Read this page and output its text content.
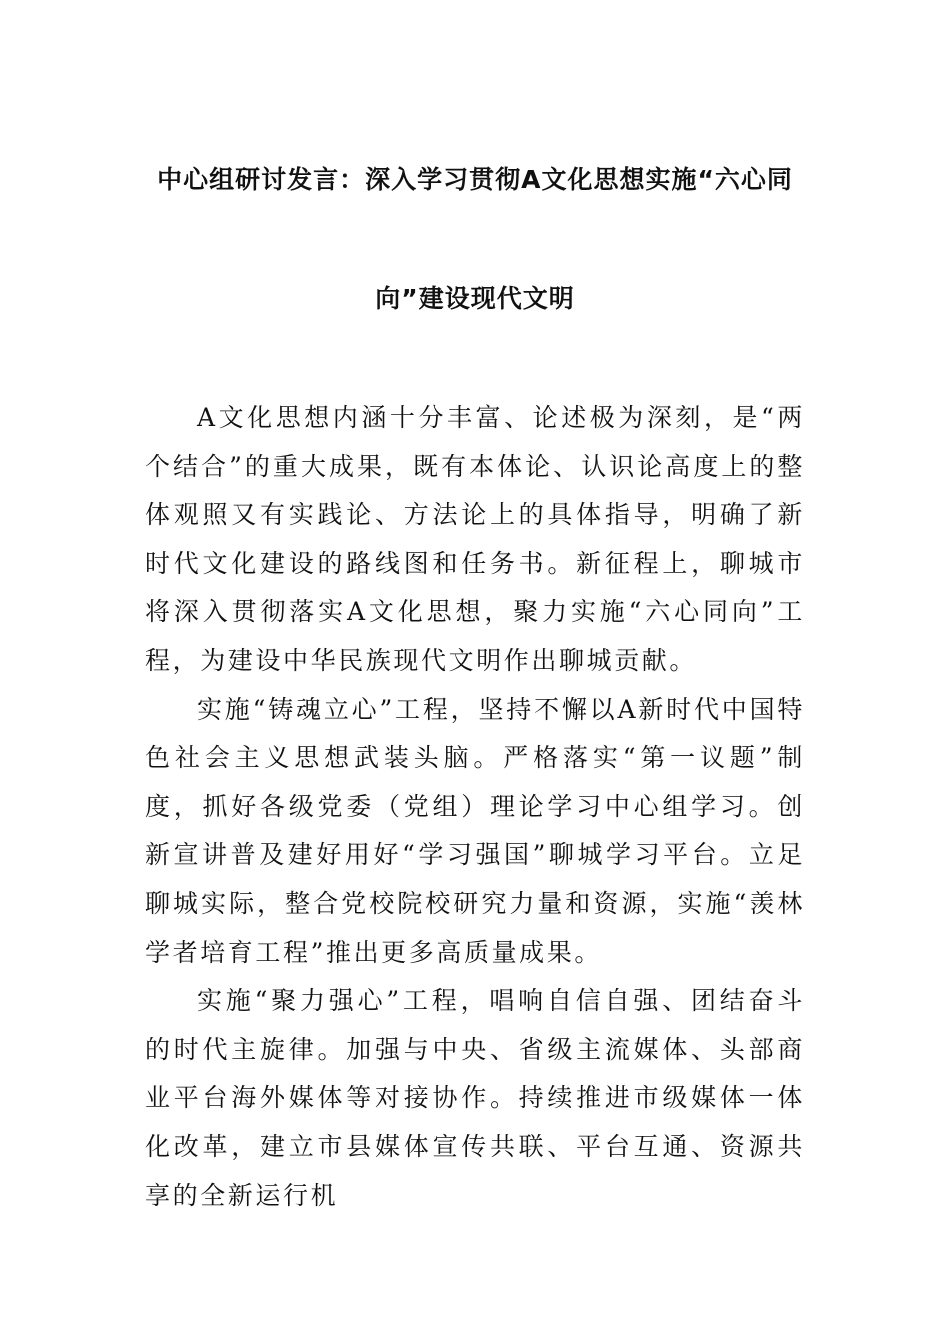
中心组研讨发言：深入学习贯彻A文化思想实施“六心同
向”建设现代文明

A文化思想内涵十分丰富、论述极为深刻，是“两个结合”的重大成果，既有本体论、认识论高度上的整体观照又有实践论、方法论上的具体指导，明确了新时代文化建设的路线图和任务书。新征程上，聊城市将深入贯彻落实A文化思想，聚力实施“六心同向”工程，为建设中华民族现代文明作出聊城贡献。

实施“铸魂立心”工程，坚持不懈以A新时代中国特色社会主义思想武装头脑。严格落实“第一议题”制度，抓好各级党委（党组）理论学习中心组学习。创新宣讲普及建好用好“学习强国”聊城学习平台。立足聊城实际，整合党校院校研究力量和资源，实施“羡林学者培育工程”推出更多高质量成果。

实施“聚力强心”工程，唱响自信自强、团结奋斗的时代主旋律。加强与中央、省级主流媒体、头部商业平台海外媒体等对接协作。持续推进市级媒体一体化改革，建立市县媒体宣传共联、平台互通、资源共享的全新运行机
